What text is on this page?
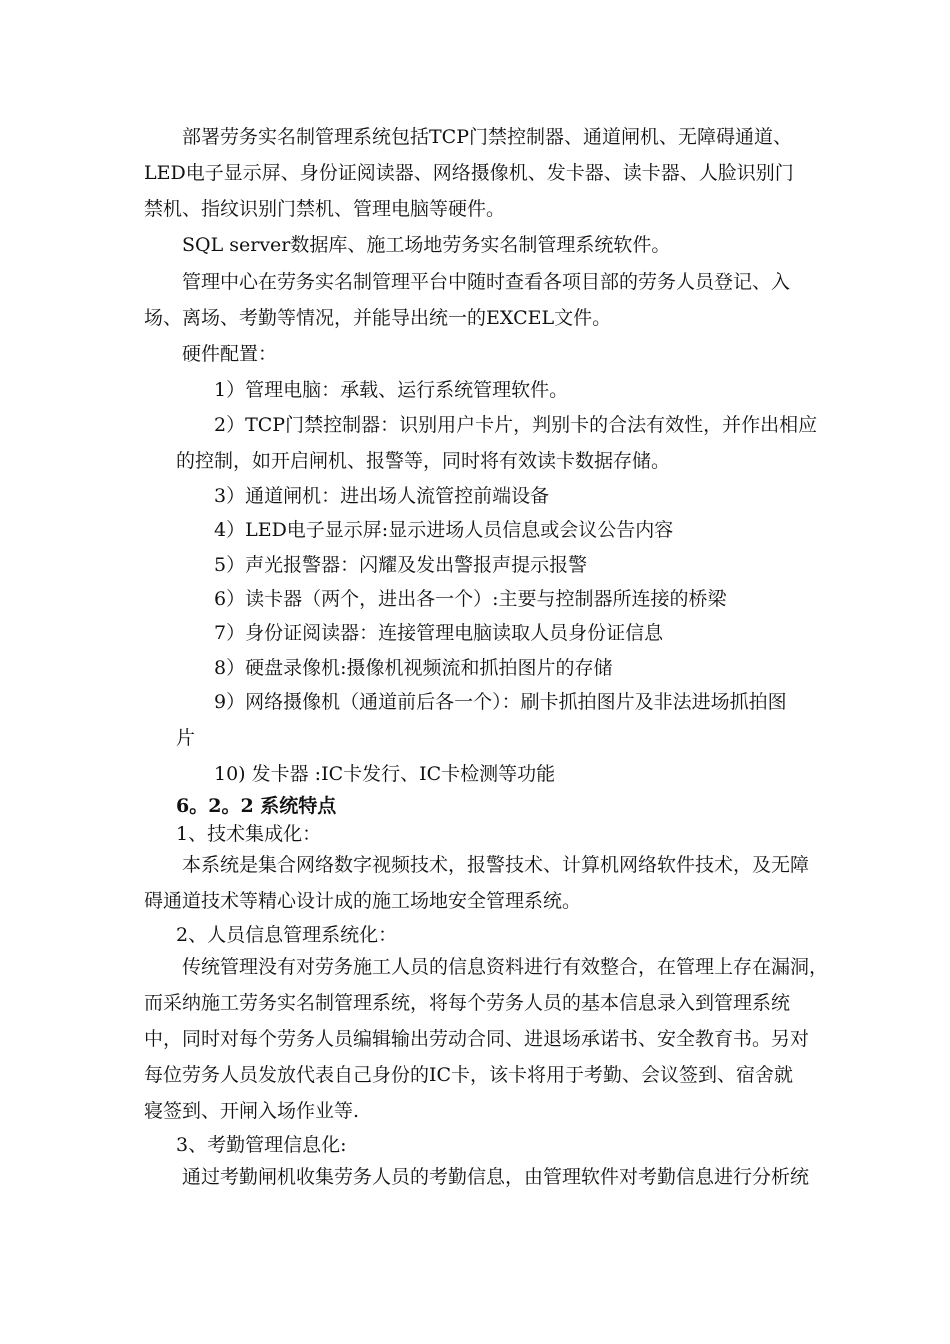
部署劳务实名制管理系统包括TCP门禁控制器、通道闸机、无障碍通道、
LED电子显示屏、身份证阅读器、网络摄像机、发卡器、读卡器、人脸识别门
禁机、指纹识别门禁机、管理电脑等硬件。
SQL server数据库、施工场地劳务实名制管理系统软件。
管理中心在劳务实名制管理平台中随时查看各项目部的劳务人员登记、入
场、离场、考勤等情况，并能导出统一的EXCEL文件。
硬件配置：
1）管理电脑：承载、运行系统管理软件。
2）TCP门禁控制器：识别用户卡片，判别卡的合法有效性，并作出相应
的控制，如开启闸机、报警等，同时将有效读卡数据存储。
3）通道闸机：进出场人流管控前端设备
4）LED电子显示屏:显示进场人员信息或会议公告内容
5）声光报警器：闪耀及发出警报声提示报警
6）读卡器（两个，进出各一个）:主要与控制器所连接的桥梁
7）身份证阅读器：连接管理电脑读取人员身份证信息
8）硬盘录像机:摄像机视频流和抓拍图片的存储
9）网络摄像机（通道前后各一个）：刷卡抓拍图片及非法进场抓拍图
片
10) 发卡器 :IC卡发行、IC卡检测等功能
6。2。2 系统特点
1、技术集成化：
本系统是集合网络数字视频技术，报警技术、计算机网络软件技术，及无障
碍通道技术等精心设计成的施工场地安全管理系统。
2、人员信息管理系统化：
传统管理没有对劳务施工人员的信息资料进行有效整合，在管理上存在漏洞，
而采纳施工劳务实名制管理系统，将每个劳务人员的基本信息录入到管理系统
中，同时对每个劳务人员编辑输出劳动合同、进退场承诺书、安全教育书。另对
每位劳务人员发放代表自己身份的IC卡，该卡将用于考勤、会议签到、宿舍就
寝签到、开闸入场作业等.
3、考勤管理信息化:
通过考勤闸机收集劳务人员的考勤信息，由管理软件对考勤信息进行分析统
